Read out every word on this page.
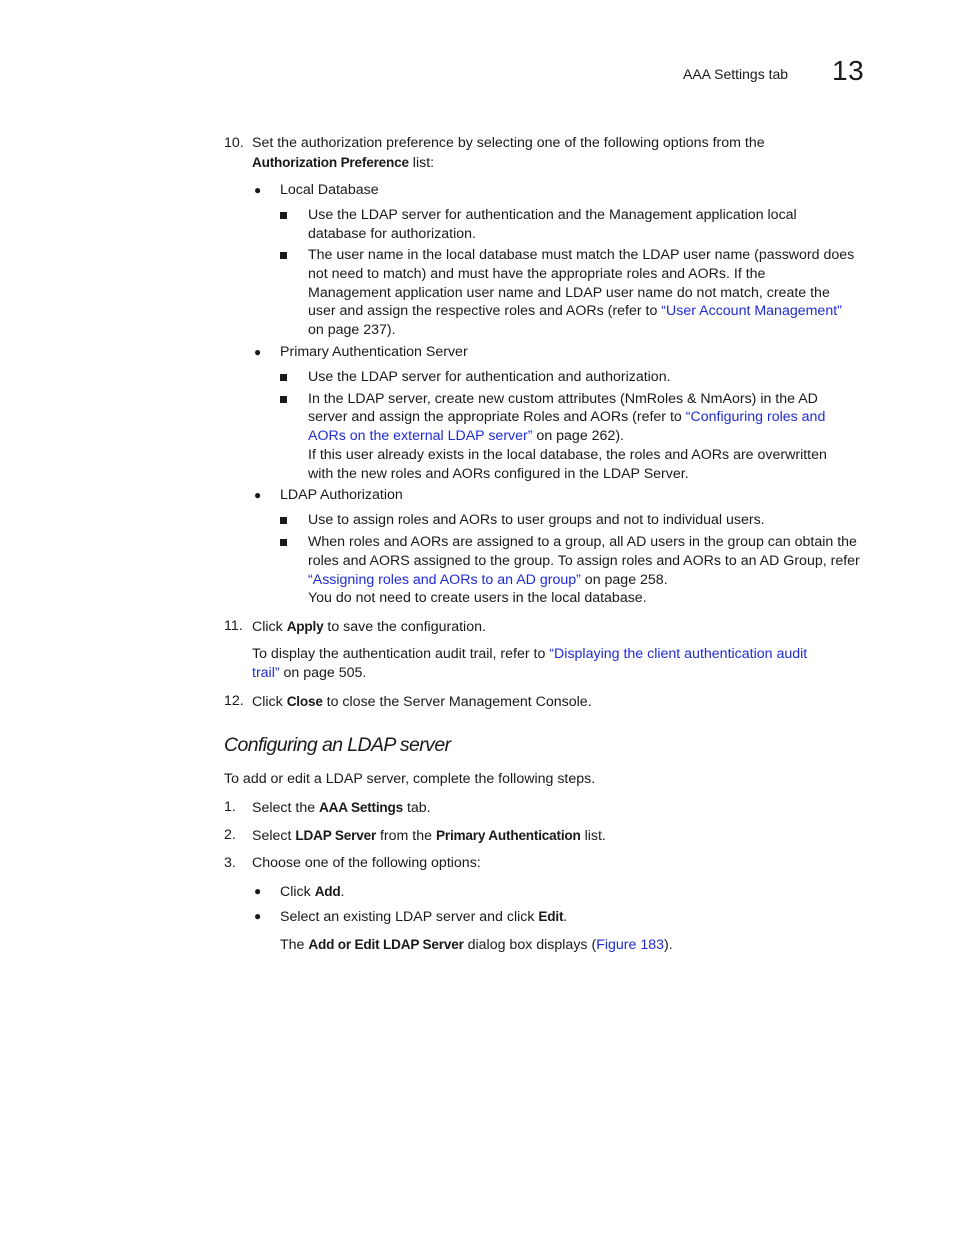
AAA Settings tab 13
10. Set the authorization preference by selecting one of the following options from the
Authorization Preference list:
● Local Database
Use the LDAP server for authentication and the Management application local
database for authorization.
The user name in the local database must match the LDAP user name (password does
not need to match) and must have the appropriate roles and AORs. If the
Management application user name and LDAP user name do not match, create the
user and assign the respective roles and AORs (refer to “User Account Management”
on page 237).
● Primary Authentication Server
Use the LDAP server for authentication and authorization.
In the LDAP server, create new custom attributes (NmRoles & NmAors) in the AD
server and assign the appropriate Roles and AORs (refer to “Configuring roles and
AORs on the external LDAP server” on page 262).
If this user already exists in the local database, the roles and AORs are overwritten
with the new roles and AORs configured in the LDAP Server.
● LDAP Authorization
Use to assign roles and AORs to user groups and not to individual users.
When roles and AORs are assigned to a group, all AD users in the group can obtain the
roles and AORS assigned to the group. To assign roles and AORs to an AD Group, refer
“Assigning roles and AORs to an AD group” on page 258.
You do not need to create users in the local database.
11. Click Apply to save the configuration.
To display the authentication audit trail, refer to “Displaying the client authentication audit
trail” on page 505.
12. Click Close to close the Server Management Console.
Configuring an LDAP server
To add or edit a LDAP server, complete the following steps.
1. Select the AAA Settings tab.
2. Select LDAP Server from the Primary Authentication list.
3. Choose one of the following options:
● Click Add.
● Select an existing LDAP server and click Edit.
The Add or Edit LDAP Server dialog box displays (Figure 183).
